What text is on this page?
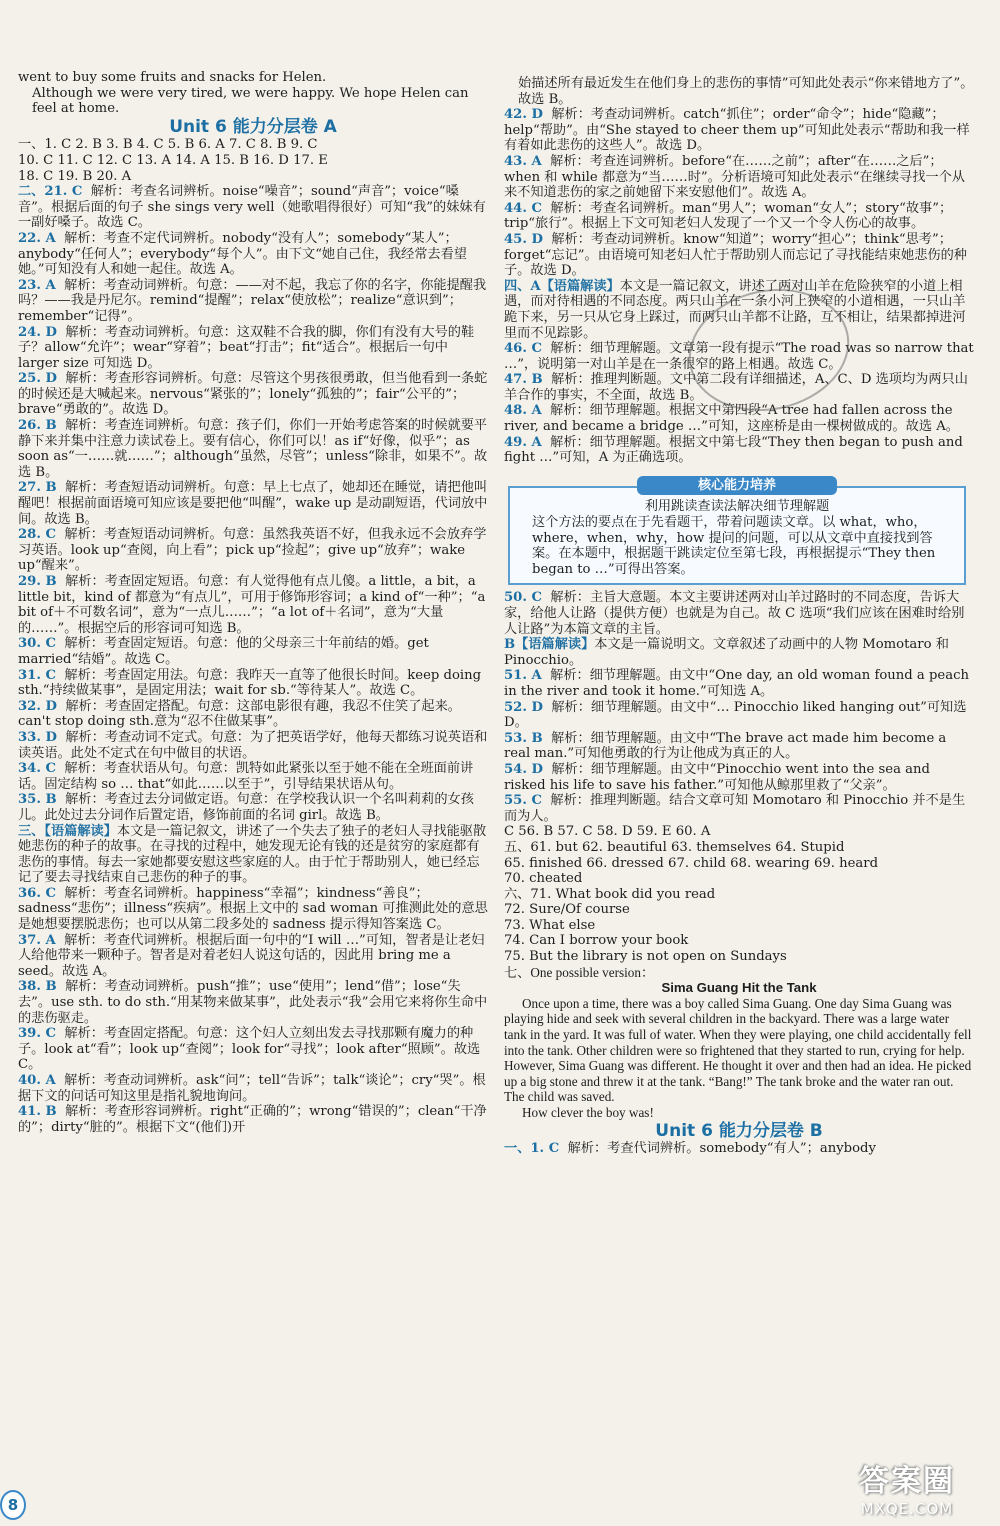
went to buy some fruits and snacks for Helen.

Although we were very tired, we were happy. We hope Helen can feel at home.

Unit 6 能力分层卷 A

一、1. C 2. B 3. B 4. C 5. B 6. A 7. C 8. B 9. C

10. C 11. C 12. C 13. A 14. A 15. B 16. D 17. E

18. C 19. B 20. A

二、21. C 解析：考查名词辨析。noise“噪音”；sound“声音”；voice“嗓音”。根据后面的句子 she sings very well（她歌唱得很好）可知“我”的妹妹有一副好嗓子。故选 C。

22. A 解析：考查不定代词辨析。nobody“没有人”；somebody“某人”；anybody“任何人”；everybody“每个人”。由下文“她自己住，我经常去看望她。”可知没有人和她一起住。故选 A。

23. A 解析：考查动词辨析。句意：——对不起，我忘了你的名字，你能提醒我吗？——我是丹尼尔。remind“提醒”；relax“使放松”；realize“意识到”；remember“记得”。

24. D 解析：考查动词辨析。句意：这双鞋不合我的脚，你们有没有大号的鞋子？allow“允许”；wear“穿着”；beat“打击”；fit“适合”。根据后一句中 larger size 可知选 D。

25. D 解析：考查形容词辨析。句意：尽管这个男孩很勇敢，但当他看到一条蛇的时候还是大喊起来。nervous“紧张的”；lonely“孤独的”；fair“公平的”；brave“勇敢的”。故选 D。

26. B 解析：考查连词辨析。句意：孩子们，你们一开始考虑答案的时候就要平静下来并集中注意力读试卷上。要有信心，你们可以！as if“好像，似乎”；as soon as“一……就……”；although“虽然，尽管”；unless“除非，如果不”。故选 B。

27. B 解析：考查短语动词辨析。句意：早上七点了，她却还在睡觉，请把他叫醒吧！根据前面语境可知应该是要把他“叫醒”，wake up 是动副短语，代词放中间。故选 B。

28. C 解析：考查短语动词辨析。句意：虽然我英语不好，但我永远不会放弃学习英语。look up“查阅，向上看”；pick up“捡起”；give up“放弃”；wake up“醒来”。

29. B 解析：考查固定短语。句意：有人觉得他有点儿傻。a little，a bit，a little bit，kind of 都意为“有点儿”，可用于修饰形容词；a kind of“一种”；“a bit of＋不可数名词”，意为“一点儿……”；“a lot of＋名词”，意为“大量的……”。根据空后的形容词可知选 B。

30. C 解析：考查固定短语。句意：他的父母亲三十年前结的婚。get married“结婚”。故选 C。

31. C 解析：考查固定用法。句意：我昨天一直等了他很长时间。keep doing sth.“持续做某事”，是固定用法；wait for sb.“等待某人”。故选 C。

32. D 解析：考查固定搭配。句意：这部电影很有趣，我忍不住笑了起来。can't stop doing sth.意为“忍不住做某事”。

33. D 解析：考查动词不定式。句意：为了把英语学好，他每天都练习说英语和读英语。此处不定式在句中做目的状语。

34. C 解析：考查状语从句。句意：凯特如此紧张以至于她不能在全班面前讲话。固定结构 so … that“如此……以至于”，引导结果状语从句。

35. B 解析：考查过去分词做定语。句意：在学校我认识一个名叫莉莉的女孩儿。此处过去分词作后置定语，修饰前面的名词 girl。故选 B。

三、【语篇解读】本文是一篇记叙文，讲述了一个失去了独子的老妇人寻找能驱散她悲伤的种子的故事。在寻找的过程中，她发现无论有钱的还是贫穷的家庭都有悲伤的事情。每去一家她都要安慰这些家庭的人。由于忙于帮助别人，她已经忘记了要去寻找结束自己悲伤的种子的事。

36. C 解析：考查名词辨析。happiness“幸福”；kindness“善良”；sadness“悲伤”；illness“疾病”。根据上文中的 sad woman 可推测此处的意思是她想要摆脱悲伤；也可以从第二段多处的 sadness 提示得知答案选 C。

37. A 解析：考查代词辨析。根据后面一句中的“I will …”可知，智者是让老妇人给他带来一颗种子。智者是对着老妇人说这句话的，因此用 bring me a seed。故选 A。

38. B 解析：考查动词辨析。push“推”；use“使用”；lend“借”；lose“失去”。use sth. to do sth.“用某物来做某事”，此处表示“我”会用它来将你生命中的悲伤驱走。

39. C 解析：考查固定搭配。句意：这个妇人立刻出发去寻找那颗有魔力的种子。look at“看”；look up“查阅”；look for“寻找”；look after“照顾”。故选 C。

40. A 解析：考查动词辨析。ask“问”；tell“告诉”；talk“谈论”；cry“哭”。根据下文的问话可知这里是指礼貌地询问。

41. B 解析：考查形容词辨析。right“正确的”；wrong“错误的”；clean“干净的”；dirty“脏的”。根据下文“(他们)开

始描述所有最近发生在他们身上的悲伤的事情”可知此处表示“你来错地方了”。故选 B。

42. D 解析：考查动词辨析。catch“抓住”；order“命令”；hide“隐藏”；help“帮助”。由“She stayed to cheer them up”可知此处表示“帮助和我一样有着如此悲伤的这些人”。故选 D。

43. A 解析：考查连词辨析。before“在……之前”；after“在……之后”；when 和 while 都意为“当……时”。分析语境可知此处表示“在继续寻找一个从来不知道悲伤的家之前她留下来安慰他们”。故选 A。

44. C 解析：考查名词辨析。man“男人”；woman“女人”；story“故事”；trip“旅行”。根据上下文可知老妇人发现了一个又一个令人伤心的故事。

45. D 解析：考查动词辨析。know“知道”；worry“担心”；think“思考”；forget“忘记”。由语境可知老妇人忙于帮助别人而忘记了寻找能结束她悲伤的种子。故选 D。

四、A【语篇解读】本文是一篇记叙文，讲述了两对山羊在危险狭窄的小道上相遇，而对待相遇的不同态度。两只山羊在一条小河上狭窄的小道相遇，一只山羊跪下来，另一只从它身上踩过，而两只山羊都不让路，互不相让，结果都掉进河里而不见踪影。

46. C 解析：细节理解题。文章第一段有提示“The road was so narrow that …”，说明第一对山羊是在一条很窄的路上相遇。故选 C。

47. B 解析：推理判断题。文中第二段有详细描述，A、C、D 选项均为两只山羊合作的事实，不全面，故选 B。

48. A 解析：细节理解题。根据文中第四段“A tree had fallen across the river, and became a bridge …”可知，这座桥是由一棵树做成的。故选 A。

49. A 解析：细节理解题。根据文中第七段“They then began to push and fight …”可知，A 为正确选项。

核心能力培养

利用跳读查读法解决细节理解题

这个方法的要点在于先看题干，带着问题读文章。以 what，who，where，when，why，how 提问的问题，可以从文章中直接找到答案。在本题中，根据题干跳读定位至第七段，再根据提示“They then began to …”可得出答案。

50. C 解析：主旨大意题。本文主要讲述两对山羊过路时的不同态度，告诉大家，给他人让路（提供方便）也就是为自己。故 C 选项“我们应该在困难时给别人让路”为本篇文章的主旨。

B【语篇解读】本文是一篇说明文。文章叙述了动画中的人物 Momotaro 和 Pinocchio。

51. A 解析：细节理解题。由文中“One day, an old woman found a peach in the river and took it home.”可知选 A。

52. D 解析：细节理解题。由文中“… Pinocchio liked hanging out”可知选 D。

53. B 解析：细节理解题。由文中“The brave act made him become a real man.”可知他勇敢的行为让他成为真正的人。

54. D 解析：细节理解题。由文中“Pinocchio went into the sea and risked his life to save his father.”可知他从鲸那里救了“父亲”。

55. C 解析：推理判断题。结合文章可知 Momotaro 和 Pinocchio 并不是生而为人。

C 56. B 57. C 58. D 59. E 60. A

五、61. but 62. beautiful 63. themselves 64. Stupid

65. finished 66. dressed 67. child 68. wearing 69. heard

70. cheated

六、71. What book did you read

72. Sure/Of course

73. What else

74. Can I borrow your book

75. But the library is not open on Sundays

七、One possible version：

Sima Guang Hit the Tank

Once upon a time, there was a boy called Sima Guang. One day Sima Guang was playing hide and seek with several children in the backyard. There was a large water tank in the yard. It was full of water. When they were playing, one child accidentally fell into the tank. Other children were so frightened that they started to run, crying for help. However, Sima Guang was different. He thought it over and then had an idea. He picked up a big stone and threw it at the tank. “Bang!” The tank broke and the water ran out. The child was saved.

How clever the boy was!

Unit 6 能力分层卷 B

一、1. C 解析：考查代词辨析。somebody“有人”；anybody

8
答案圈
MXQE.COM
